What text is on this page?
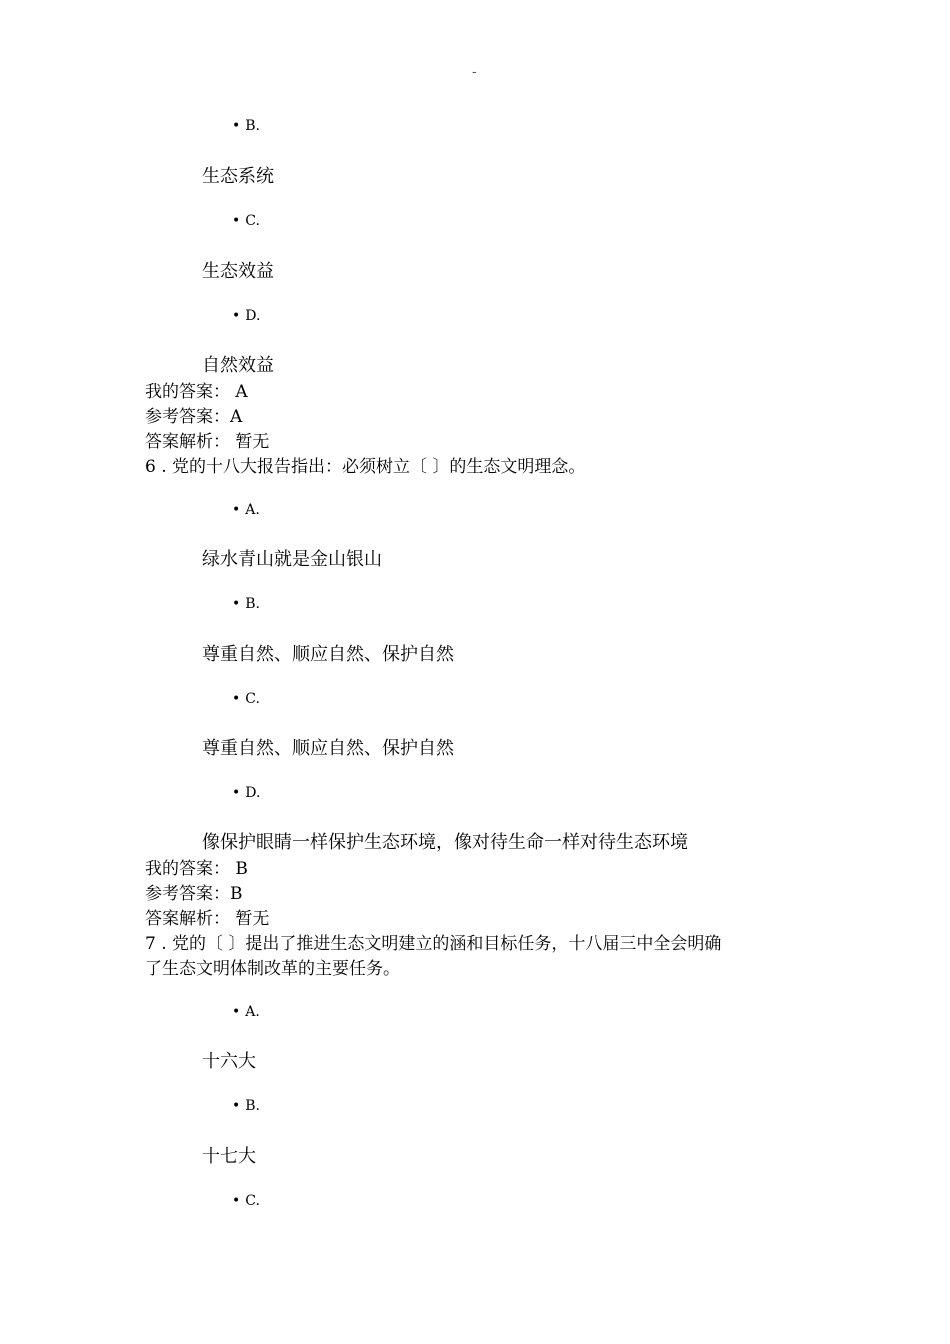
-
• B.
生态系统
• C.
生态效益
• D.
自然效益
我的答案： A
参考答案：A
答案解析： 暂无
6 . 党的十八大报告指出：必须树立〔 〕的生态文明理念。
• A.
绿水青山就是金山银山
• B.
尊重自然、顺应自然、保护自然
• C.
尊重自然、顺应自然、保护自然
• D.
像保护眼睛一样保护生态环境，像对待生命一样对待生态环境
我的答案： B
参考答案：B
答案解析： 暂无
7 . 党的〔 〕提出了推进生态文明建立的涵和目标任务，十八届三中全会明确
了生态文明体制改革的主要任务。
• A.
十六大
• B.
十七大
• C.
